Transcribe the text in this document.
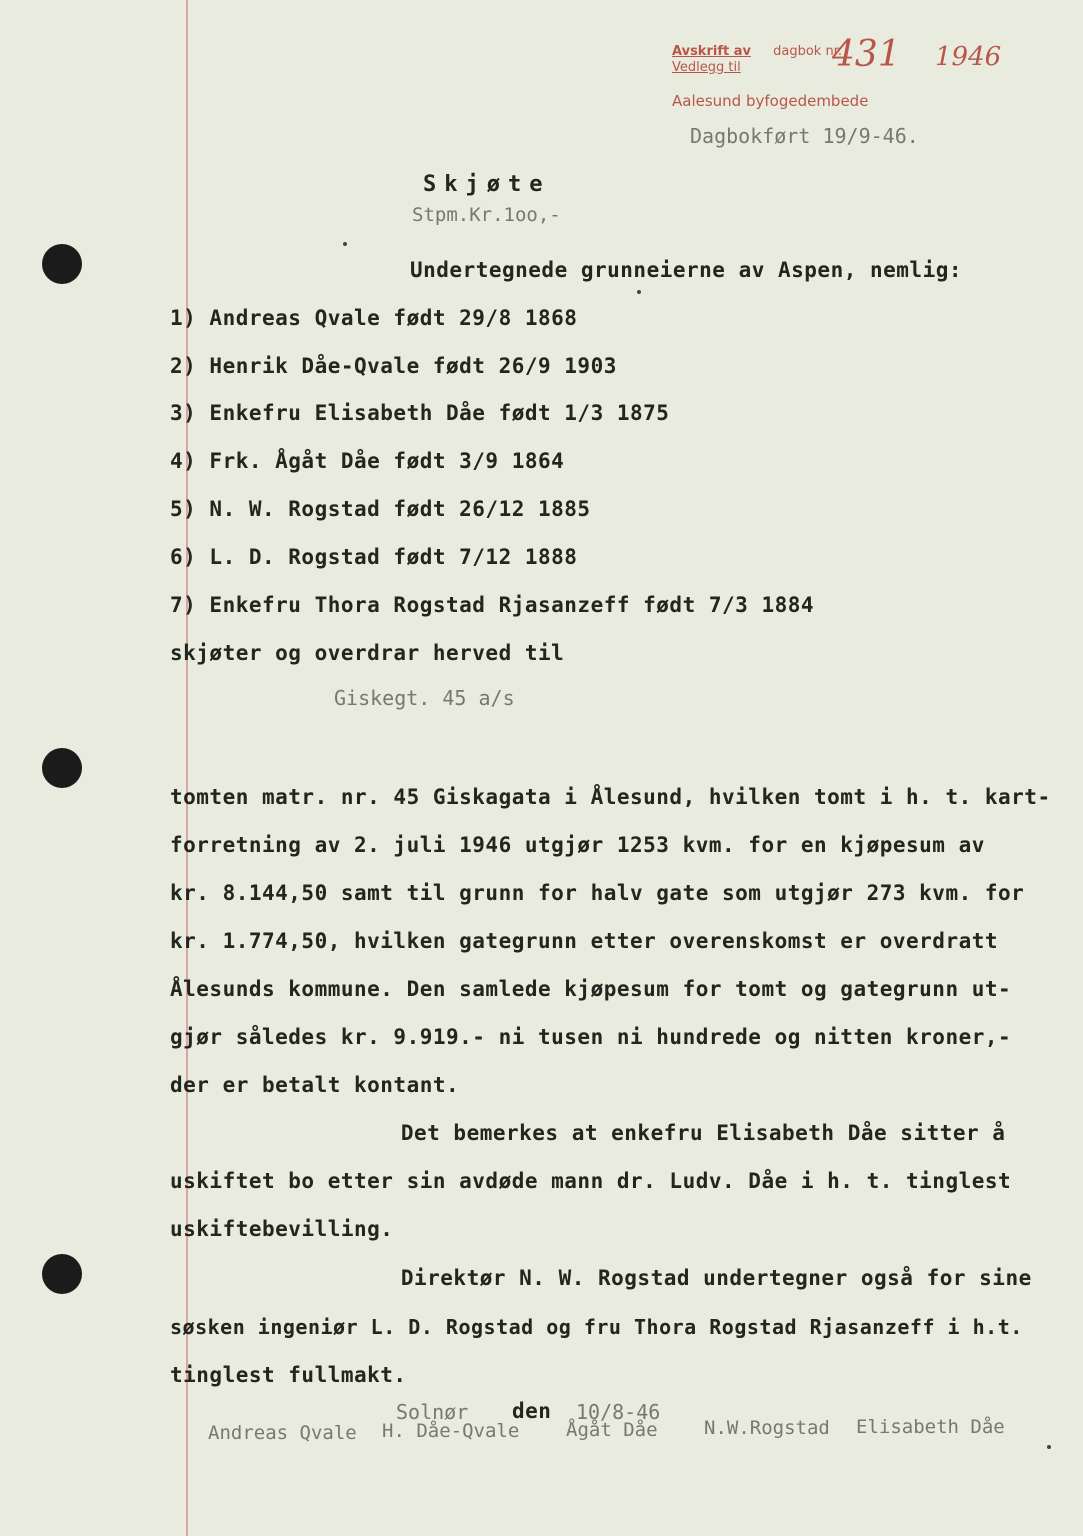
Avskrift av dagbok nr.
Vedlegg til	431 1946
Aalesund byfogedembede
Dagbokført 19/9-46.
Skjøte
Stpm.Kr.1oo,-
Undertegnede grunneierne av Aspen, nemlig:
1) Andreas Qvale født 29/8 1868
2) Henrik Dåe-Qvale født 26/9 1903
3) Enkefru Elisabeth Dåe født 1/3 1875
4) Frk. Ågåt Dåe født 3/9 1864
5) N. W. Rogstad født 26/12 1885
6) L. D. Rogstad født 7/12 1888
7) Enkefru Thora Rogstad Rjasanzeff født 7/3 1884
skjøter og overdrar herved til
Giskegt. 45 a/s
tomten matr. nr. 45 Giskagata i Ålesund, hvilken tomt i h. t. kart-
forretning av 2. juli 1946 utgjør 1253 kvm. for en kjøpesum av
kr. 8.144,50 samt til grunn for halv gate som utgjør 273 kvm. for
kr. 1.774,50, hvilken gategrunn etter overenskomst er overdratt
Ålesunds kommune. Den samlede kjøpesum for tomt og gategrunn ut-
gjør således kr. 9.919.- ni tusen ni hundrede og nitten kroner,-
der er betalt kontant.
Det bemerkes at enkefru Elisabeth Dåe sitter å
uskiftet bo etter sin avdøde mann dr. Ludv. Dåe i h. t. tinglest
uskiftebevilling.
Direktør N. W. Rogstad undertegner også for sine
søsken ingeniør L. D. Rogstad og fru Thora Rogstad Rjasanzeff i h.t.
tinglest fullmakt.
Solnør den 10/8-46
Andreas Qvale H. Dåe-Qvale Ågåt Dåe N.W.Rogstad Elisabeth Dåe
